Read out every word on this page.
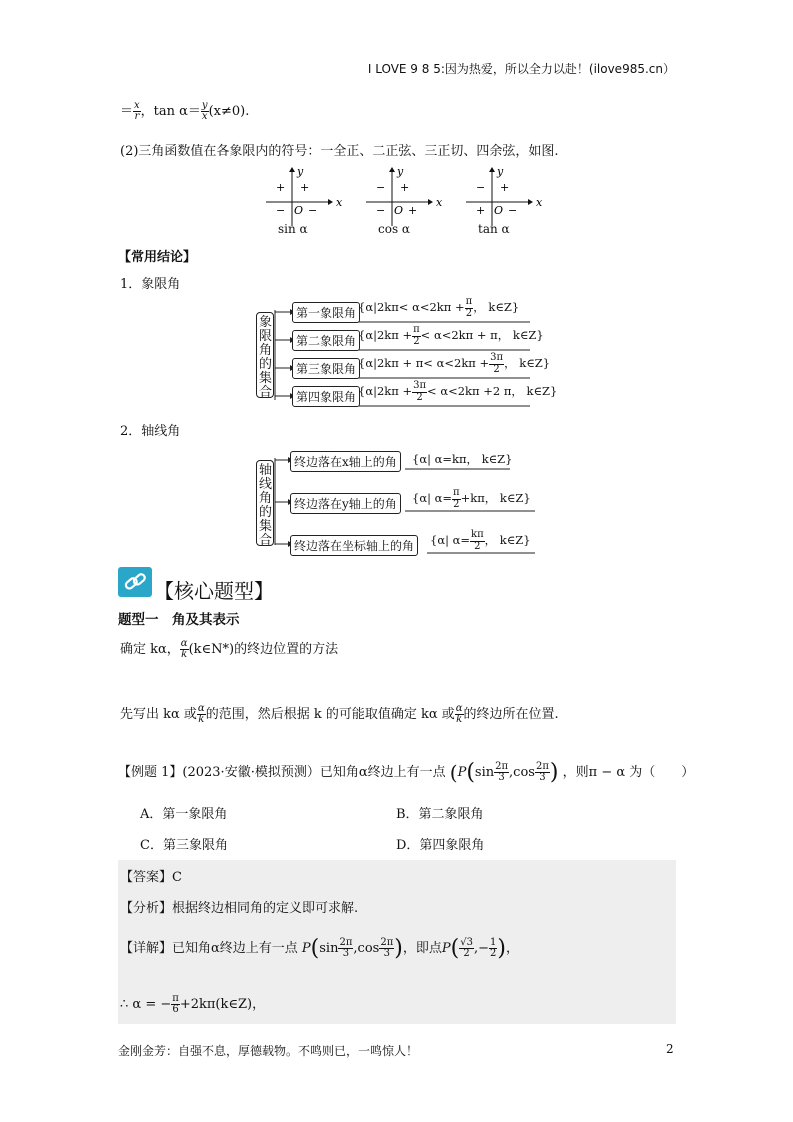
I LOVE 9 8 5:因为热爱，所以全力以赴！(ilove985.cn）
＝ $\frac{x}{r}$ ，$\tan \alpha= \frac{y}{x} (x\ne 0)$.
(2)三角函数值在各象限内的符号：一全正、二正弦、三正切、四余弦，如图.
y
x
O
+
+
− −
sin α
y
x
O
+
−
− +
cos α
y
x
O
+
−
+ −
tan α
【常用结论】
1．象限角
象限角的集合
第一象限角 {$\alpha|2k\pi< \alpha<2k\pi + \frac{\pi}{2}$ ， k∈Z}
第二象限角 {$\alpha|2k\pi + \frac{\pi}{2} < \alpha<2k\pi + \pi$， k∈Z}
第三象限角 {$\alpha|2k\pi + \pi< \alpha<2k\pi + \frac{3\pi}{2}$ ， k∈Z}
第四象限角 {$\alpha|2k\pi + \frac{3\pi}{2} < \alpha<2k\pi +2$ π， k∈Z}
2．轴线角
轴线角的集合
终边落在x轴上的角	{α| α=kπ， k∈Z}
终边落在y轴上的角	{α| $\alpha= \frac{\pi}{2} +k\pi$， k∈Z}
终边落在坐标轴上的角	{α| $\alpha= \frac{k\pi}{2}$ ， k∈Z}
【核心题型】
题型一　角及其表示
确定 kα， $\frac{\alpha}{k}$ (k∈N*)的终边位置的方法
先写出 kα 或 $\frac{\alpha}{k}$ 的范围，然后根据 k 的可能取值确定 kα 或 $\frac{\alpha}{k}$ 的终边所在位置.
【例题 1】(2023·安徽·模拟预测）已知角α终边上有一点 ($P(\sin \frac{2\pi}{3} ,\cos \frac{2\pi}{3}$ ) ，则π − α 为（　　）
A．第一象限角	B．第二象限角
C．第三象限角	D．第四象限角
【答案】C
【分析】根据终边相同角的定义即可求解.
【详解】已知角α终边上有一点 $P(\sin \frac{2\pi}{3} ,\cos \frac{2\pi}{3}$ )，即点$P( \frac{√3}{2}$ ,− $\frac{1}{2}$ )，
∴ α = − $\frac{\pi}{6}$ +2kπ(k∈Z)，
金刚金芳：自强不息，厚德载物。不鸣则已，一鸣惊人！	2
